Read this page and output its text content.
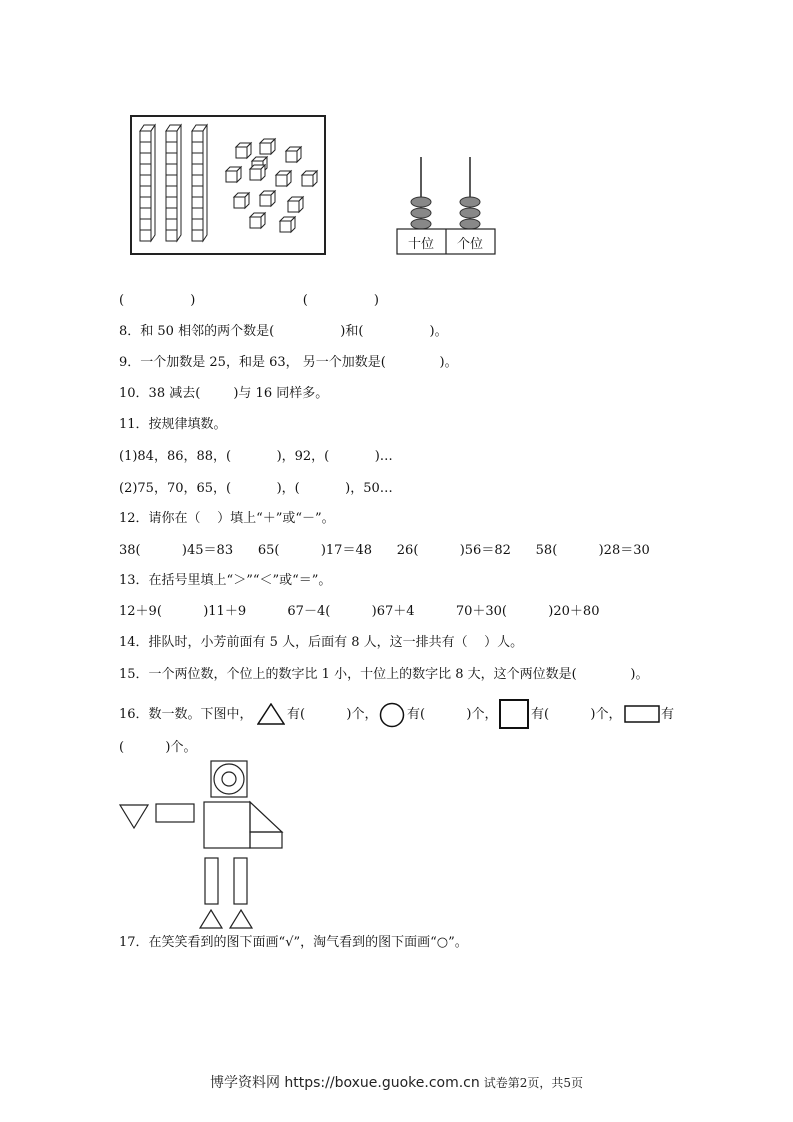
十位 个位
(                )                          (                )
8．和 50 相邻的两个数是(                )和(                )。
9．一个加数是 25，和是 63， 另一个加数是(             )。
10．38 减去(        )与 16 同样多。
11．按规律填数。
(1)84，86，88，(           )，92，(           )…
(2)75，70，65，(           )，(           )，50…
12．请你在（    ）填上“＋”或“－”。
38(          )45＝83      65(          )17＝48      26(          )56＝82      58(          )28＝30
13．在括号里填上“＞”“＜”或“＝”。
12＋9(          )11＋9          67－4(          )67＋4          70＋30(          )20＋80
14．排队时，小芳前面有 5 人，后面有 8 人，这一排共有（    ）人。
15．一个两位数，个位上的数字比 1 小，十位上的数字比 8 大，这个两位数是(             )。

16．数一数。下图中，

	有(          )个，

有(          )个，

	有(          )个，

	有

(          )个。
17．在笑笑看到的图下面画“√”，淘气看到的图下面画“○”。
博学资料网 https://boxue.guoke.com.cn 试卷第2页，共5页
